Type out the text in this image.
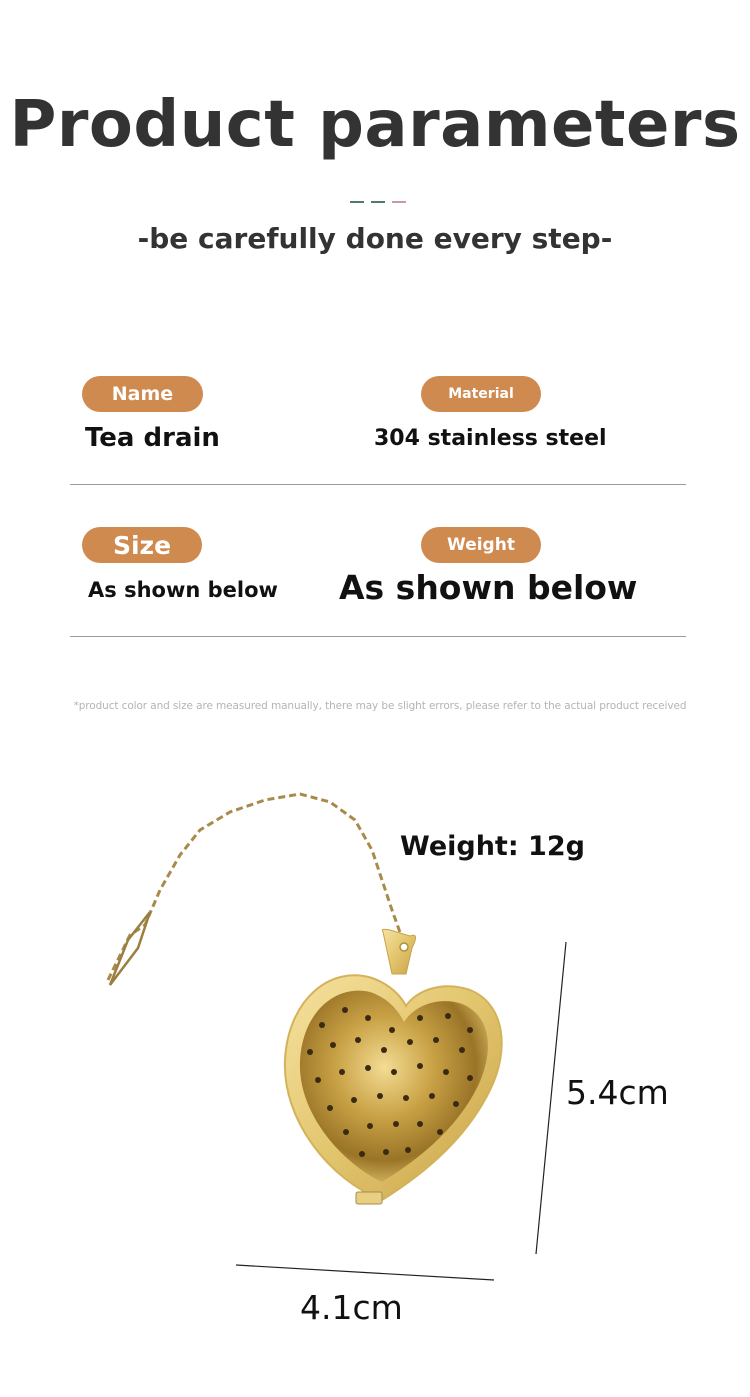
Product parameters
-be carefully done every step-
Name
Tea drain
Material
304 stainless steel
Size
As shown below
Weight
As shown below
*product color and size are measured manually, there may be slight errors, please refer to the actual product received
Weight: 12g
5.4cm
4.1cm
